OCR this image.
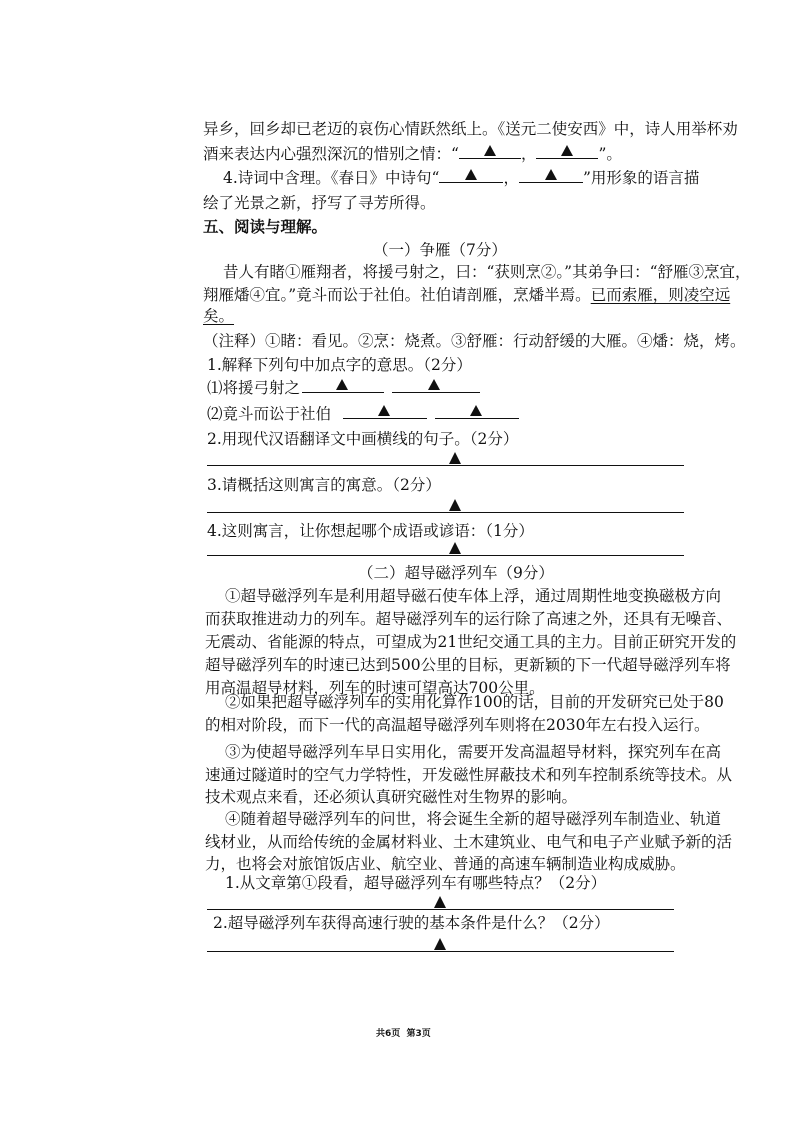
异乡，回乡却已老迈的哀伤心情跃然纸上。《送元二使安西》中，诗人用举杯劝
酒来表达内心强烈深沉的惜别之情：“	，	”。
4.诗词中含理。《春日》中诗句“	，	”用形象的语言描
绘了光景之新，抒写了寻芳所得。
五、阅读与理解。
（一）争雁（7分）
昔人有睹①雁翔者，将援弓射之，曰：“获则烹②。”其弟争曰：“舒雁③烹宜，
翔雁燔④宜。”竟斗而讼于社伯。社伯请剖雁，烹燔半焉。已而索雁，则凌空远
矣。
（注释）①睹：看见。②烹：烧煮。③舒雁：行动舒缓的大雁。④燔：烧，烤。
1.解释下列句中加点字的意思。（2分）
⑴将援弓射之
⑵竟斗而讼于社伯
2.用现代汉语翻译文中画横线的句子。（2分）
3.请概括这则寓言的寓意。（2分）
4.这则寓言，让你想起哪个成语或谚语：（1分）
（二）超导磁浮列车（9分）
①超导磁浮列车是利用超导磁石使车体上浮，通过周期性地变换磁极方向
而获取推进动力的列车。超导磁浮列车的运行除了高速之外，还具有无噪音、
无震动、省能源的特点，可望成为21世纪交通工具的主力。目前正研究开发的
超导磁浮列车的时速已达到500公里的目标，更新颖的下一代超导磁浮列车将
用高温超导材料，列车的时速可望高达700公里。
②如果把超导磁浮列车的实用化算作100的话，目前的开发研究已处于80
的相对阶段，而下一代的高温超导磁浮列车则将在2030年左右投入运行。
③为使超导磁浮列车早日实用化，需要开发高温超导材料，探究列车在高
速通过隧道时的空气力学特性，开发磁性屏蔽技术和列车控制系统等技术。从
技术观点来看，还必须认真研究磁性对生物界的影响。
④随着超导磁浮列车的问世，将会诞生全新的超导磁浮列车制造业、轨道
线材业，从而给传统的金属材料业、土木建筑业、电气和电子产业赋予新的活
力，也将会对旅馆饭店业、航空业、普通的高速车辆制造业构成威胁。
1.从文章第①段看，超导磁浮列车有哪些特点？（2分）
2.超导磁浮列车获得高速行驶的基本条件是什么？（2分）
共6页 第3页
